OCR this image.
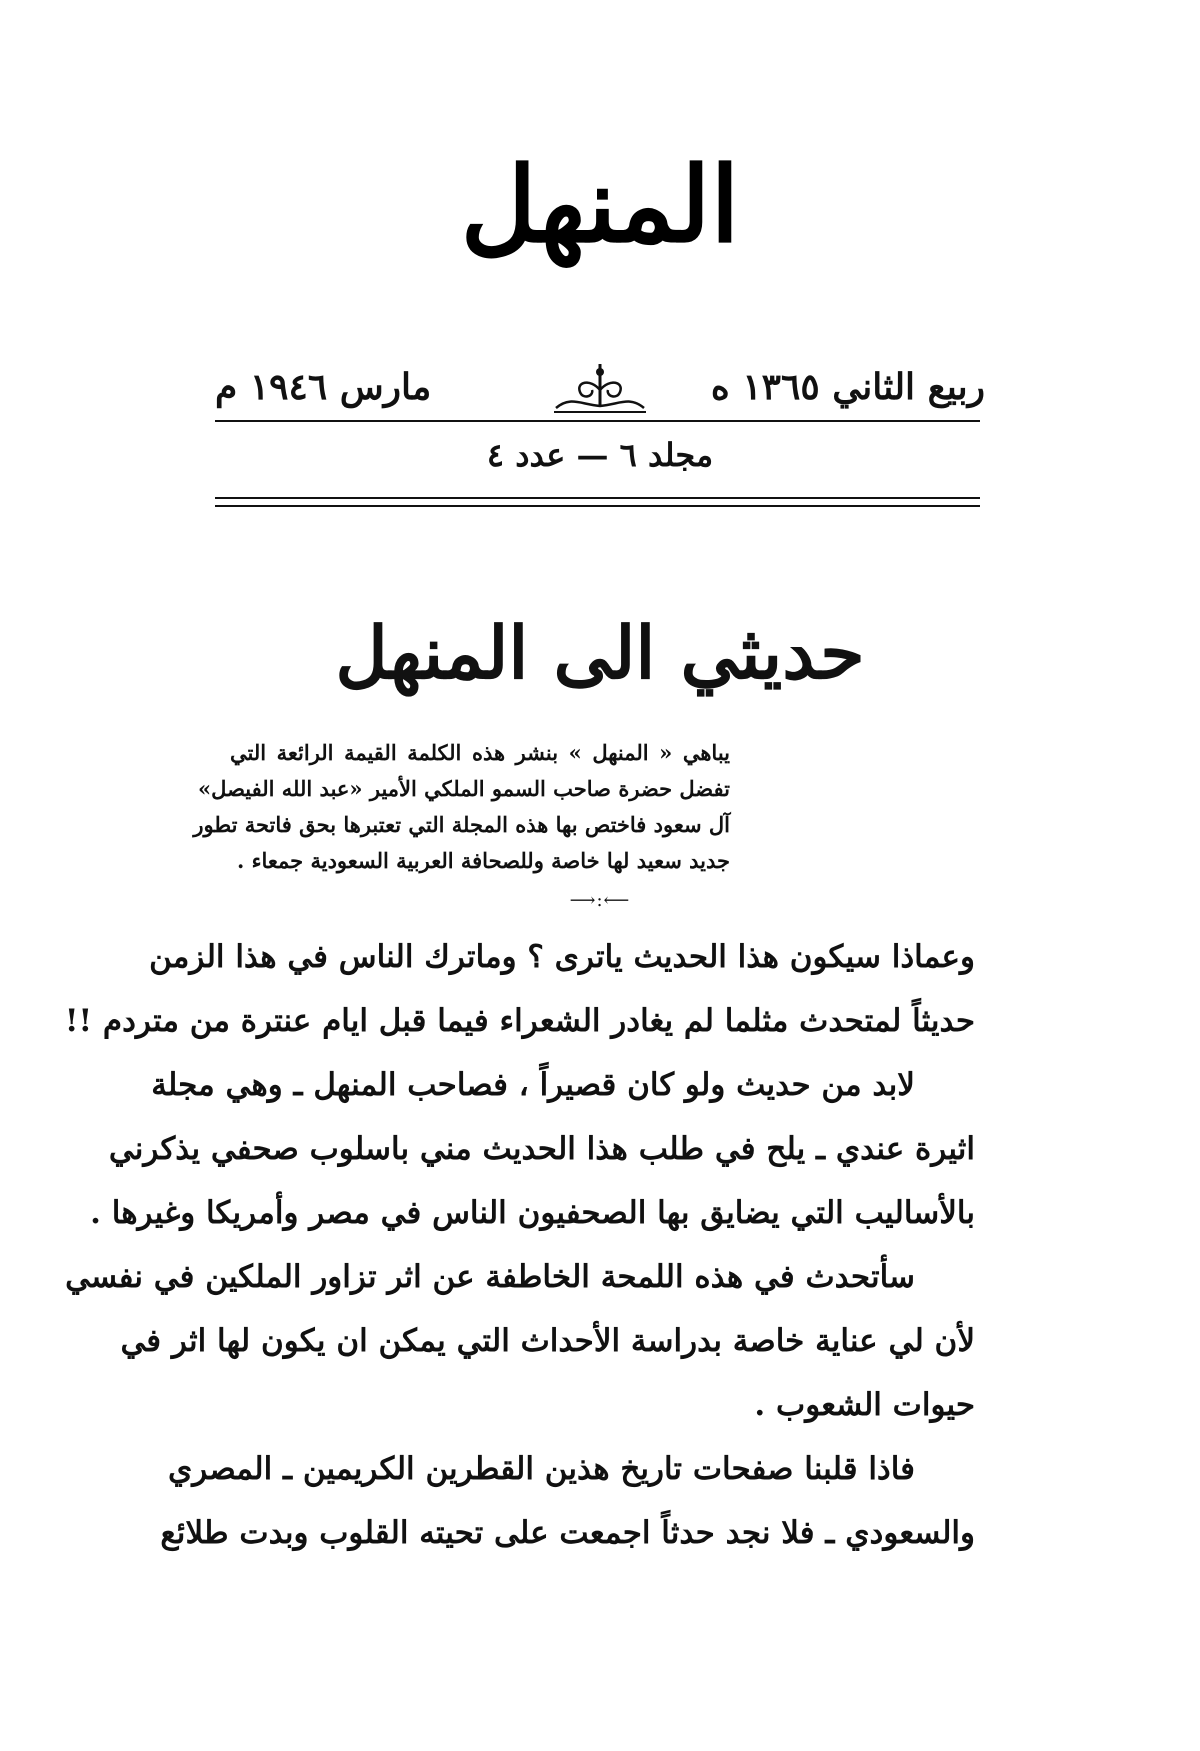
المنهل
ربيع الثاني ١٣٦٥ ه
مارس ١٩٤٦ م
مجلد ٦ — عدد ٤
حديثي الى المنهل
يباهي « المنهل » بنشر هذه الكلمة القيمة الرائعة التي
تفضل حضرة صاحب السمو الملكي الأمير «عبد الله الفيصل»
آل سعود فاختص بها هذه المجلة التي تعتبرها بحق فاتحة تطور
جديد سعيد لها خاصة وللصحافة العربية السعودية جمعاء .
⟶:⟵
وعماذا سيكون هذا الحديث ياترى ؟ وماترك الناس في هذا الزمن
حديثاً لمتحدث مثلما لم يغادر الشعراء فيما قبل ايام عنترة من متردم !!
لابد من حديث ولو كان قصيراً ، فصاحب المنهل ـ وهي مجلة
اثيرة عندي ـ يلح في طلب هذا الحديث مني باسلوب صحفي يذكرني
بالأساليب التي يضايق بها الصحفيون الناس في مصر وأمريكا وغيرها .
سأتحدث في هذه اللمحة الخاطفة عن اثر تزاور الملكين في نفسي
لأن لي عناية خاصة بدراسة الأحداث التي يمكن ان يكون لها اثر في
حيوات الشعوب .
فاذا قلبنا صفحات تاريخ هذين القطرين الكريمين ـ المصري
والسعودي ـ فلا نجد حدثاً اجمعت على تحيته القلوب وبدت طلائع
